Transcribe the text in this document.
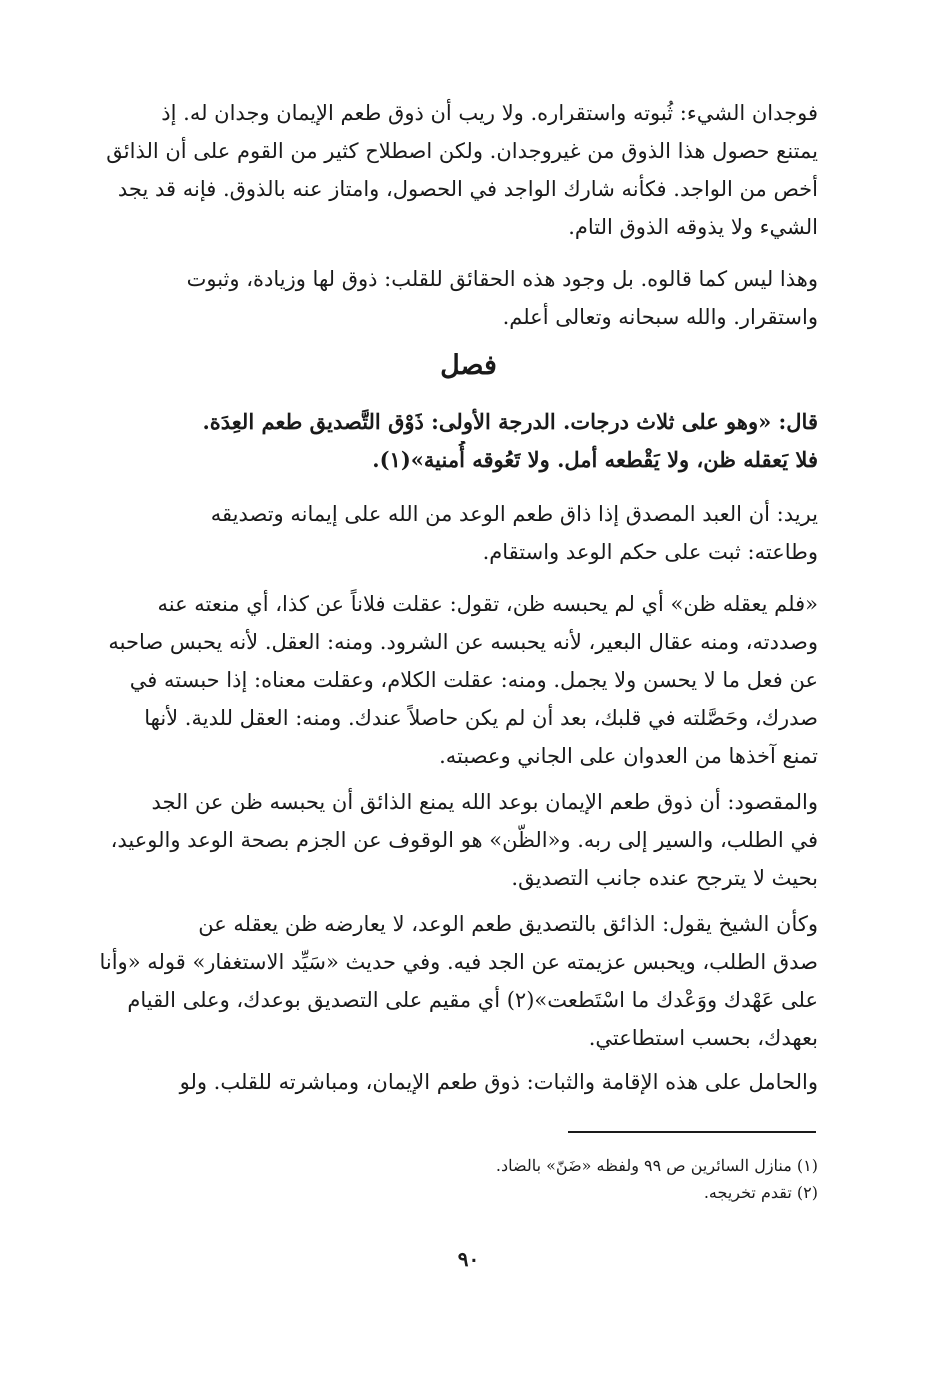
فوجدان الشيء: ثُبوته واستقراره. ولا ريب أن ذوق طعم الإيمان وجدان له. إذ
يمتنع حصول هذا الذوق من غيروجدان. ولكن اصطلاح كثير من القوم على أن الذائق
أخص من الواجد. فكأنه شارك الواجد في الحصول، وامتاز عنه بالذوق. فإنه قد يجد
الشيء ولا يذوقه الذوق التام.
وهذا ليس كما قالوه. بل وجود هذه الحقائق للقلب: ذوق لها وزيادة، وثبوت
واستقرار. والله سبحانه وتعالى أعلم.
فصل
قال: «وهو على ثلاث درجات. الدرجة الأولى: ذَوْق التَّصديق طعم العِدَة.
فلا يَعقله ظن، ولا يَقْطعه أمل. ولا تَعُوقه أُمنية»(١).
يريد: أن العبد المصدق إذا ذاق طعم الوعد من الله على إيمانه وتصديقه
وطاعته: ثبت على حكم الوعد واستقام.
«فلم يعقله ظن» أي لم يحبسه ظن، تقول: عقلت فلاناً عن كذا، أي منعته عنه
وصددته، ومنه عقال البعير، لأنه يحبسه عن الشرود. ومنه: العقل. لأنه يحبس صاحبه
عن فعل ما لا يحسن ولا يجمل. ومنه: عقلت الكلام، وعقلت معناه: إذا حبسته في
صدرك، وحَصَّلته في قلبك، بعد أن لم يكن حاصلاً عندك. ومنه: العقل للدية. لأنها
تمنع آخذها من العدوان على الجاني وعصبته.
والمقصود: أن ذوق طعم الإيمان بوعد الله يمنع الذائق أن يحبسه ظن عن الجد
في الطلب، والسير إلى ربه. و«الظّن» هو الوقوف عن الجزم بصحة الوعد والوعيد،
بحيث لا يترجح عنده جانب التصديق.
وكأن الشيخ يقول: الذائق بالتصديق طعم الوعد، لا يعارضه ظن يعقله عن
صدق الطلب، ويحبس عزيمته عن الجد فيه. وفي حديث «سَيِّد الاستغفار» قوله «وأنا
على عَهْدك ووَعْدك ما اسْتَطعت»(٢) أي مقيم على التصديق بوعدك، وعلى القيام
بعهدك، بحسب استطاعتي.
والحامل على هذه الإقامة والثبات: ذوق طعم الإيمان، ومباشرته للقلب. ولو
(١) منازل السائرين ص ٩٩ ولفظه «ضَنّ» بالضاد.
(٢) تقدم تخريجه.
٩٠
